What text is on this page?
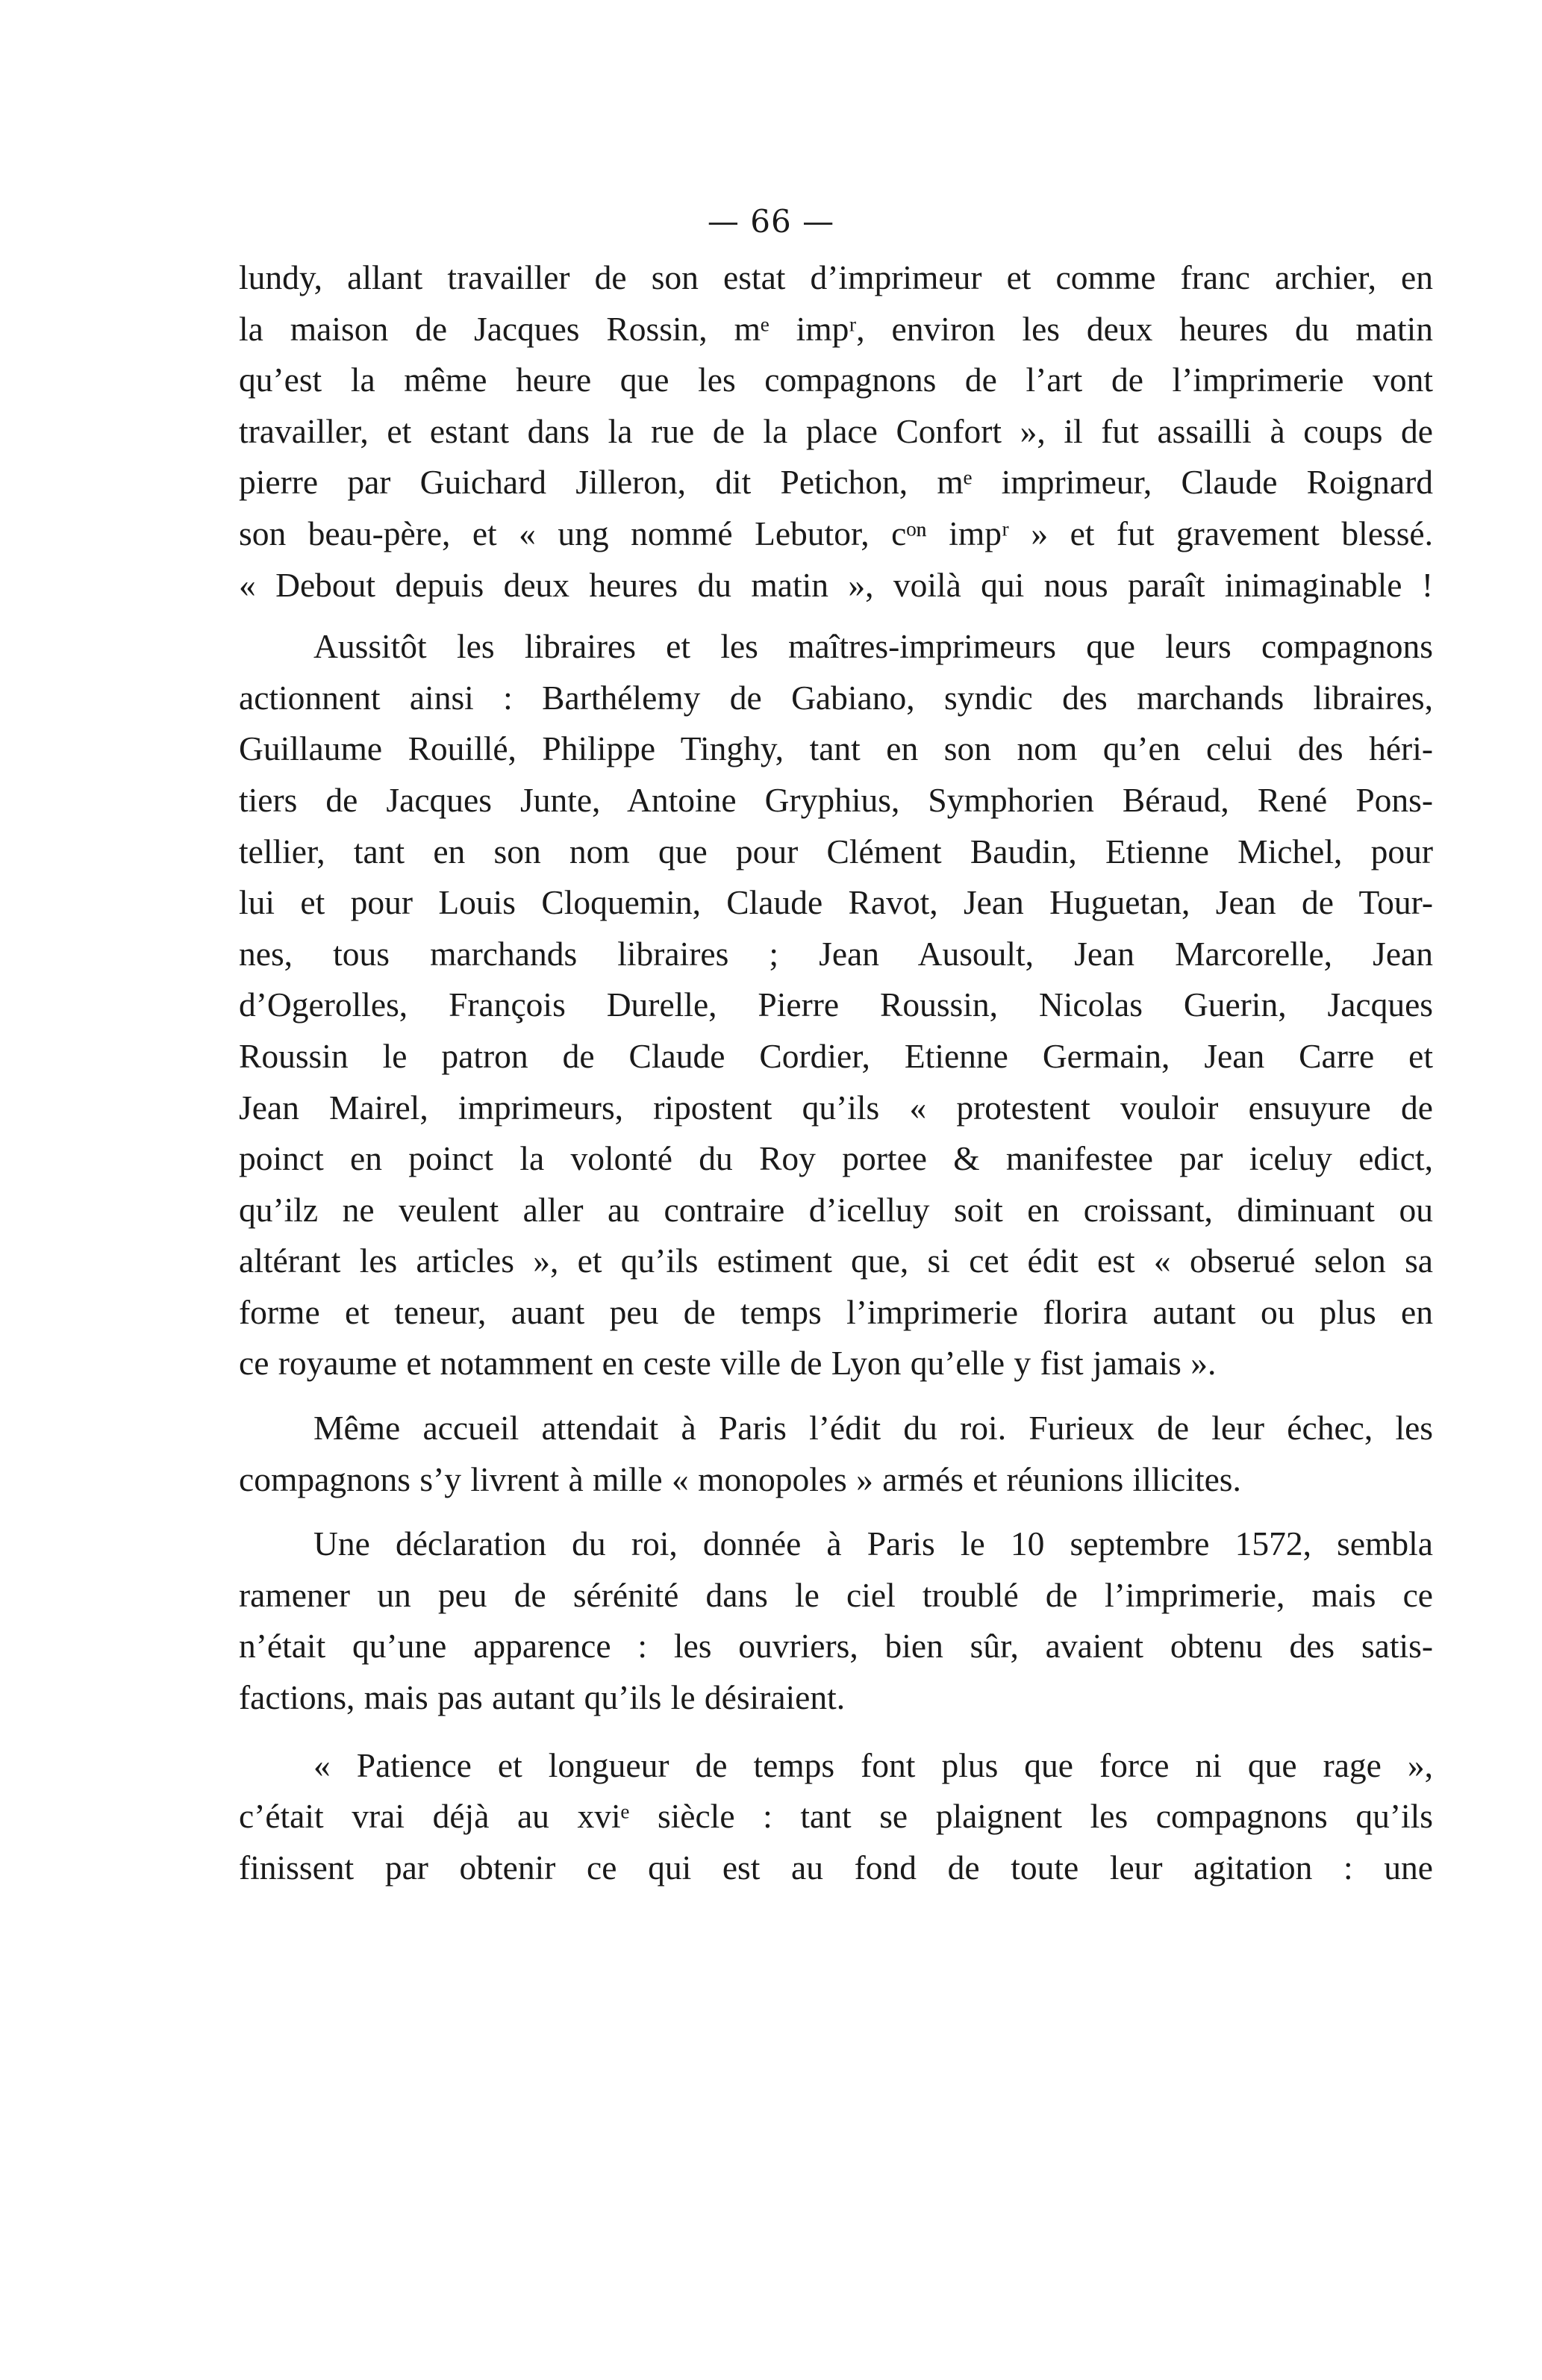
— 66 —

lundy, allant travailler de son estat d’imprimeur et comme franc archier, en
la maison de Jacques Rossin, mᵉ impʳ, environ les deux heures du matin
qu’est la même heure que les compagnons de l’art de l’imprimerie vont
travailler, et estant dans la rue de la place Confort », il fut assailli à coups de
pierre par Guichard Jilleron, dit Petichon, mᵉ imprimeur, Claude Roignard
son beau-père, et « ung nommé Lebutor, cᵒⁿ impʳ » et fut gravement blessé.
« Debout depuis deux heures du matin », voilà qui nous paraît inimaginable !

Aussitôt les libraires et les maîtres-imprimeurs que leurs compagnons
actionnent ainsi : Barthélemy de Gabiano, syndic des marchands libraires,
Guillaume Rouillé, Philippe Tinghy, tant en son nom qu’en celui des héri-
tiers de Jacques Junte, Antoine Gryphius, Symphorien Béraud, René Pons-
tellier, tant en son nom que pour Clément Baudin, Etienne Michel, pour
lui et pour Louis Cloquemin, Claude Ravot, Jean Huguetan, Jean de Tour-
nes, tous marchands libraires ; Jean Ausoult, Jean Marcorelle, Jean
d’Ogerolles, François Durelle, Pierre Roussin, Nicolas Guerin, Jacques
Roussin le patron de Claude Cordier, Etienne Germain, Jean Carre et
Jean Mairel, imprimeurs, ripostent qu’ils « protestent vouloir ensuyure de
poinct en poinct la volonté du Roy portee & manifestee par iceluy edict,
qu’ilz ne veulent aller au contraire d’icelluy soit en croissant, diminuant ou
altérant les articles », et qu’ils estiment que, si cet édit est « obserué selon sa
forme et teneur, auant peu de temps l’imprimerie florira autant ou plus en
ce royaume et notamment en ceste ville de Lyon qu’elle y fist jamais ».

Même accueil attendait à Paris l’édit du roi. Furieux de leur échec, les
compagnons s’y livrent à mille « monopoles » armés et réunions illicites.

Une déclaration du roi, donnée à Paris le 10 septembre 1572, sembla
ramener un peu de sérénité dans le ciel troublé de l’imprimerie, mais ce
n’était qu’une apparence : les ouvriers, bien sûr, avaient obtenu des satis-
factions, mais pas autant qu’ils le désiraient.

« Patience et longueur de temps font plus que force ni que rage »,
c’était vrai déjà au xviᵉ siècle : tant se plaignent les compagnons qu’ils
finissent par obtenir ce qui est au fond de toute leur agitation : une
